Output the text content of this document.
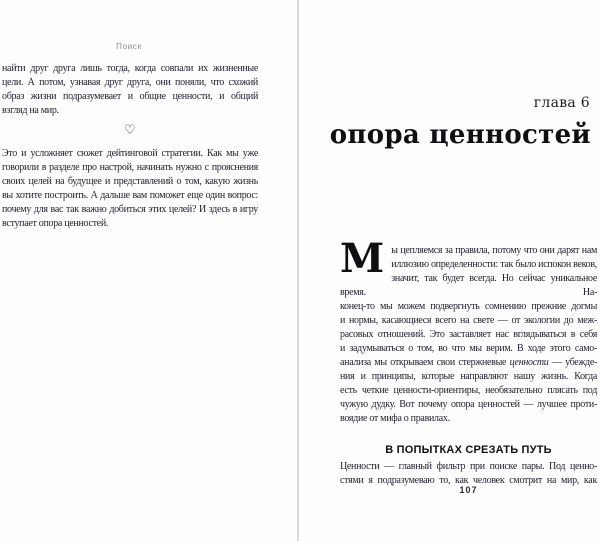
Поиск
найти друг друга лишь тогда, когда совпали их жизненные
цели. А потом, узнавая друг друга, они поняли, что схожий
образ жизни подразумевает и общие ценности, и общий
взгляд на мир.
♡
Это и усложняет сюжет дейтинговой стратегии. Как мы уже
говорили в разделе про настрой, начинать нужно с прояснения
своих целей на будущее и представлений о том, какую жизнь
вы хотите построить. А дальше вам поможет еще один вопрос:
почему для вас так важно добиться этих целей? И здесь в игру
вступает опора ценностей.
глава 6
опора ценностей
М ы цепляемся за правила, потому что они дарят нам
иллюзию определенности: так было испокон веков,
значит, так будет всегда. Но сейчас уникальное время. На-
конец-то мы можем подвергнуть сомнению прежние догмы
и нормы, касающиеся всего на свете — от экологии до меж-
расовых отношений. Это заставляет нас вглядываться в себя
и задумываться о том, во что мы верим. В ходе этого само-
анализа мы открываем свои стержневые ценности — убежде-
ния и принципы, которые направляют нашу жизнь. Когда
есть четкие ценности-ориентиры, необязательно плясать под
чужую дудку. Вот почему опора ценностей — лучшее проти-
воядие от мифа о правилах.
В ПОПЫТКАХ СРЕЗАТЬ ПУТЬ
Ценности — главный фильтр при поиске пары. Под ценно-
стями я подразумеваю то, как человек смотрит на мир, как
107
